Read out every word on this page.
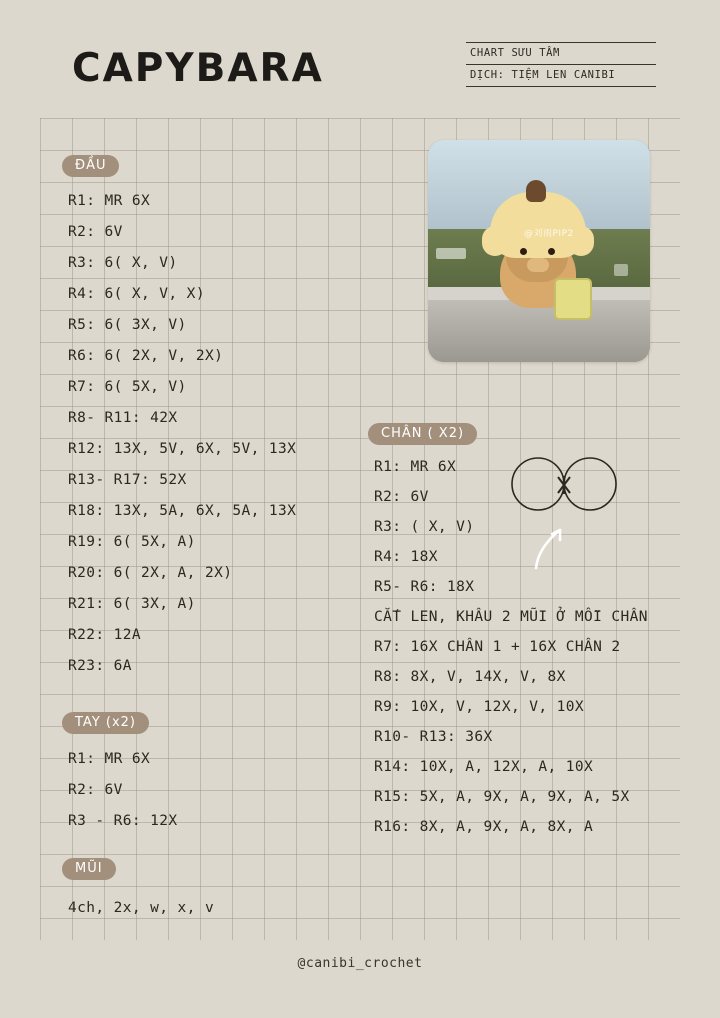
CAPYBARA	CHART SƯU TẦM
DỊCH: TIỆM LEN CANIBI
ĐẦU
R1: MR 6X
R2: 6V
R3: 6( X, V)
R4: 6( X, V, X)
R5: 6( 3X, V)
R6: 6( 2X, V, 2X)
R7: 6( 5X, V)
R8- R11: 42X
R12: 13X, 5V, 6X, 5V, 13X
R13- R17: 52X
R18: 13X, 5A, 6X, 5A, 13X
R19: 6( 5X, A)
R20: 6( 2X, A, 2X)
R21: 6( 3X, A)
R22: 12A
R23: 6A
TAY (x2)
R1: MR 6X
R2: 6V
R3 - R6: 12X
MŨI
4ch, 2x, w, x, v
CHÂN ( X2)
R1: MR 6X
R2: 6V
R3: ( X, V)
R4: 18X
R5- R6: 18X
CẮT LEN, KHÂU 2 MŨI Ở MỖI CHÂN
R7: 16X CHÂN 1 + 16X CHÂN 2
R8: 8X, V, 14X, V, 8X
R9: 10X, V, 12X, V, 10X
R10- R13: 36X
R14: 10X, A, 12X, A, 10X
R15: 5X, A, 9X, A, 9X, A, 5X
R16: 8X, A, 9X, A, 8X, A
@刘雨PIP2
@canibi_crochet
